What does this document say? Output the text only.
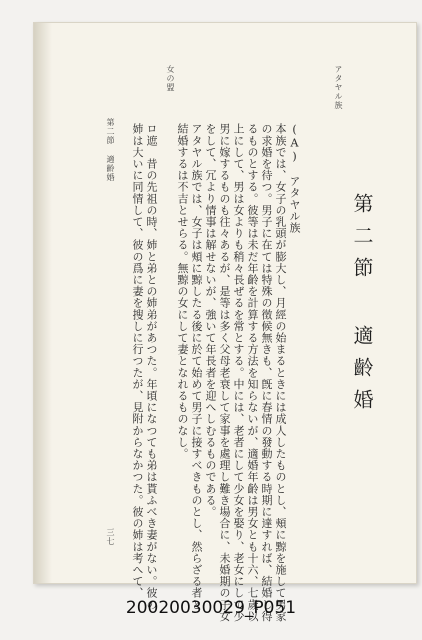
第二節 適齡婚
アタヤル族
女の盟
第二節 適齡婚
三七
(A)　アタヤル族
本族では、女子の乳頭が膨大し、月經の始まるときには成人したものとし、頰に黥を施して男家
の求婚を待つ。男子に在ては特殊の徵候無きも、旣に春情の發動する時期に達すれば、結婚し得
るものとする。彼等は未だ年齡を計算する方法を知らないが、適婚年齡は男女とも十六、七歲以
上にして、男は女よりも稍々長ぜるを常とする。中には、老者にして少女を娶り、老女にして少
男に嫁するものも往々あるが、是等は多く父母老衰して家事を處理し難き場合に、未婚期の子女
をして、冗より情事は解せないが、強いて年長者を迎へしむるものである。
アタヤル族では、女子は頰に黥したる後に於て始めて男子に接すべきものとし、然らざる者と
結婚するは不吉とせらる。無黥の女にして妻となれるものなし。
ロ遮　昔の先祖の時、姉と弟との姉弟があつた。年頃になつても弟は貰ふべき妻がない。彼の
姉は大いに同情して、彼の爲に妻を搜しに行つたが、見附からなかつた。彼の姉は考へて、
20020030029_P051
